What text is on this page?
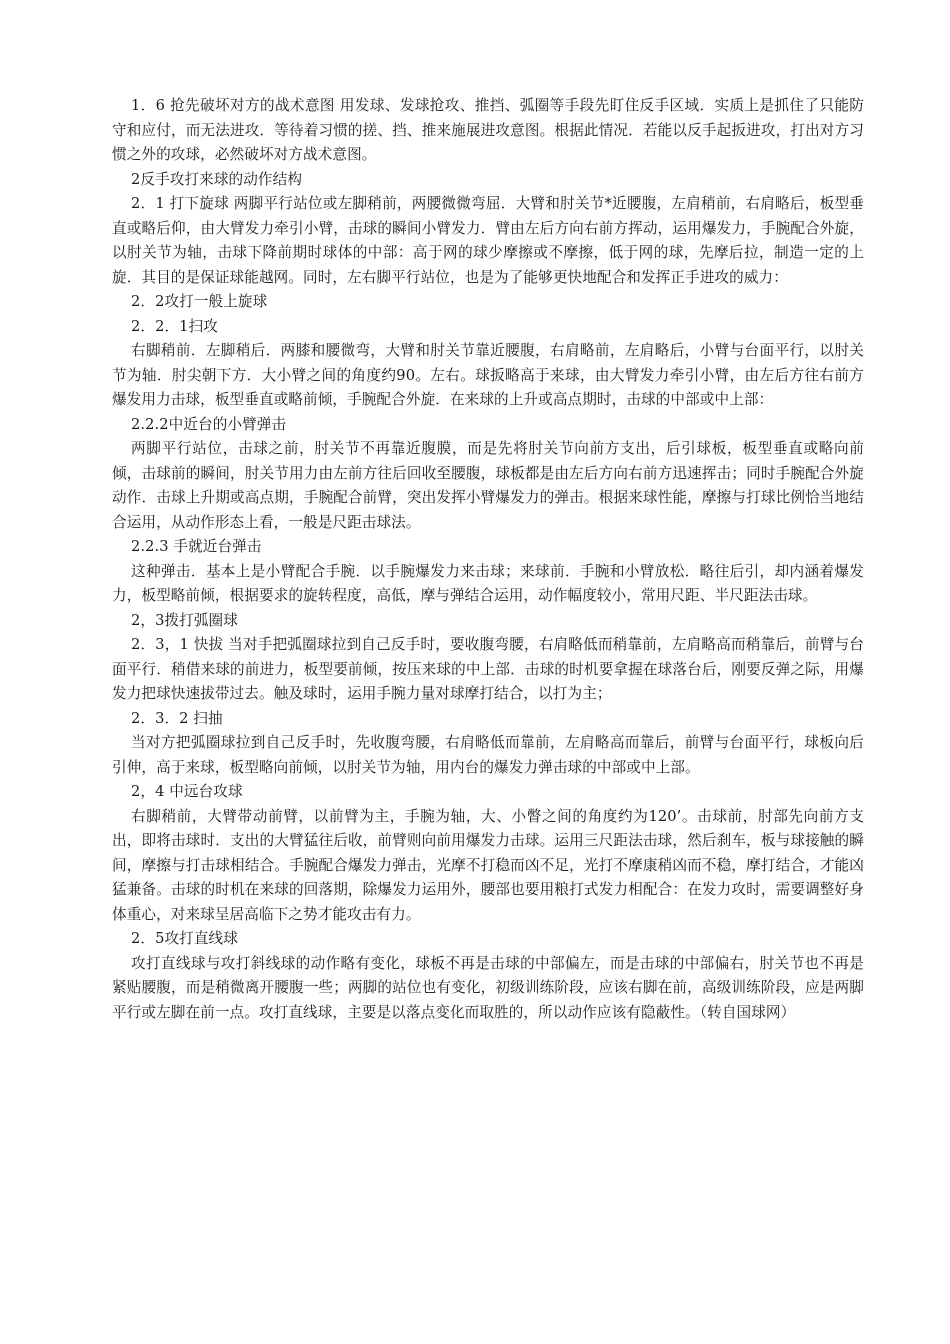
1．6 抢先破坏对方的战术意图 用发球、发球抢攻、推挡、弧圈等手段先盯住反手区域．实质上是抓住了只能防守和应付，而无法进攻．等待着习惯的搓、挡、推来施展进攻意图。根据此情况．若能以反手起扳进攻，打出对方习惯之外的攻球，必然破坏对方战术意图。

2反手攻打来球的动作结构

2．1 打下旋球 两脚平行站位或左脚稍前，两腰微微弯屈．大臂和肘关节*近腰腹，左肩稍前，右肩略后，板型垂直或略后仰，由大臂发力牵引小臂，击球的瞬间小臂发力．臂由左后方向右前方挥动，运用爆发力，手腕配合外旋，以肘关节为轴，击球下降前期时球体的中部：高于网的球少摩擦或不摩擦，低于网的球，先摩后拉，制造一定的上旋．其目的是保证球能越网。同时，左右脚平行站位，也是为了能够更快地配合和发挥正手进攻的威力：

2．2攻打一般上旋球

2．2．1扫攻

右脚稍前．左脚稍后．两膝和腰微弯，大臂和肘关节靠近腰腹，右肩略前，左肩略后，小臂与台面平行，以肘关节为轴．肘尖朝下方．大小臂之间的角度约90。左右。球扳略高于来球，由大臂发力牵引小臂，由左后方往右前方爆发用力击球，板型垂直或略前倾，手腕配合外旋．在来球的上升或高点期时，击球的中部或中上部：

2.2.2中近台的小臂弹击

两脚平行站位，击球之前，肘关节不再靠近腹膜，而是先将肘关节向前方支出，后引球板，板型垂直或略向前倾，击球前的瞬间，肘关节用力由左前方往后回收至腰腹，球板都是由左后方向右前方迅速挥击；同时手腕配合外旋动作．击球上升期或高点期，手腕配合前臂，突出发挥小臂爆发力的弹击。根据来球性能，摩擦与打球比例恰当地结合运用，从动作形态上看，一般是尺距击球法。

2.2.3 手就近台弹击

这种弹击．基本上是小臂配合手腕．以手腕爆发力来击球；来球前．手腕和小臂放松．略往后引，却内涵着爆发力，板型略前倾，根据要求的旋转程度，高低，摩与弹结合运用，动作幅度较小，常用尺距、半尺距法击球。

2，3拨打弧圈球

2．3，1 快拔 当对手把弧圈球拉到自己反手时，要收腹弯腰，右肩略低而稍靠前，左肩略高而稍靠后，前臂与台面平行．稍借来球的前进力，板型要前倾，按压来球的中上部．击球的时机要拿握在球落台后，刚要反弹之际，用爆发力把球快速拔带过去。触及球时，运用手腕力量对球摩打结合，以打为主；

2．3．2 扫抽

当对方把弧圈球拉到自己反手时，先收腹弯腰，右肩略低而靠前，左肩略高而靠后，前臂与台面平行，球板向后引伸，高于来球，板型略向前倾，以肘关节为轴，用内台的爆发力弹击球的中部或中上部。

2，4 中远台攻球

右脚稍前，大臂带动前臂，以前臂为主，手腕为轴，大、小瞥之间的角度约为120’。击球前，肘部先向前方支出，即将击球时．支出的大臂猛往后收，前臂则向前用爆发力击球。运用三尺距法击球，然后刹车，板与球接触的瞬间，摩擦与打击球相结合。手腕配合爆发力弹击，光摩不打稳而凶不足，光打不摩康稍凶而不稳，摩打结合，才能凶猛兼备。击球的时机在来球的回落期，除爆发力运用外，腰部也要用粮打式发力相配合：在发力攻时，需要调整好身体重心，对来球呈居高临下之势才能攻击有力。

2．5攻打直线球

攻打直线球与攻打斜线球的动作略有变化，球板不再是击球的中部偏左，而是击球的中部偏右，肘关节也不再是紧贴腰腹，而是稍微离开腰腹一些；两脚的站位也有变化，初级训练阶段，应该右脚在前，高级训练阶段，应是两脚平行或左脚在前一点。攻打直线球，主要是以落点变化而取胜的，所以动作应该有隐蔽性。（转自国球网）
